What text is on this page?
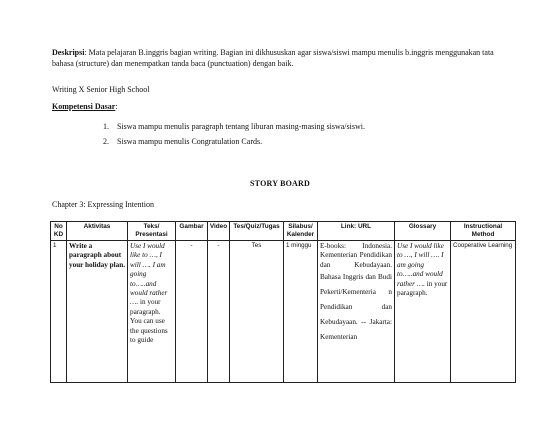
Deskripsi: Mata pelajaran B.inggris bagian writing. Bagian ini dikhususkan agar siswa/siswi mampu menulis b.inggris menggunakan tata bahasa (structure) dan menempatkan tanda baca (punctuation) dengan baik.
Writing X Senior High School
Kompetensi Dasar:
1. Siswa mampu menulis paragraph tentang liburan masing-masing siswa/siswi.
2. Siswa mampu menulis Congratulation Cards.
STORY BOARD
Chapter 3: Expressing Intention
No KD	Aktivitas	Teks/ Presentasi	Gambar	Video	Tes/Quiz/Tugas	Silabus/ Kalender	Link: URL	Glossary	Instructional Method
1	Write a paragraph about your holiday plan.	Use I would like to …, I will …. I am going to…..and would rather …. in your paragraph. You can use the questions to guide	-	-	Tes	1 minggu	E-books: Indonesia. Kementerian Pendidikan dan Kebudayaan. Bahasa Inggris dan Budi Pekerti/Kementeria n Pendidikan dan Kebudayaan. -- Jakarta: Kementerian	Use I would like to …, I will …. I am going to…..and would rather …. in your paragraph.	Cooperative Learning
